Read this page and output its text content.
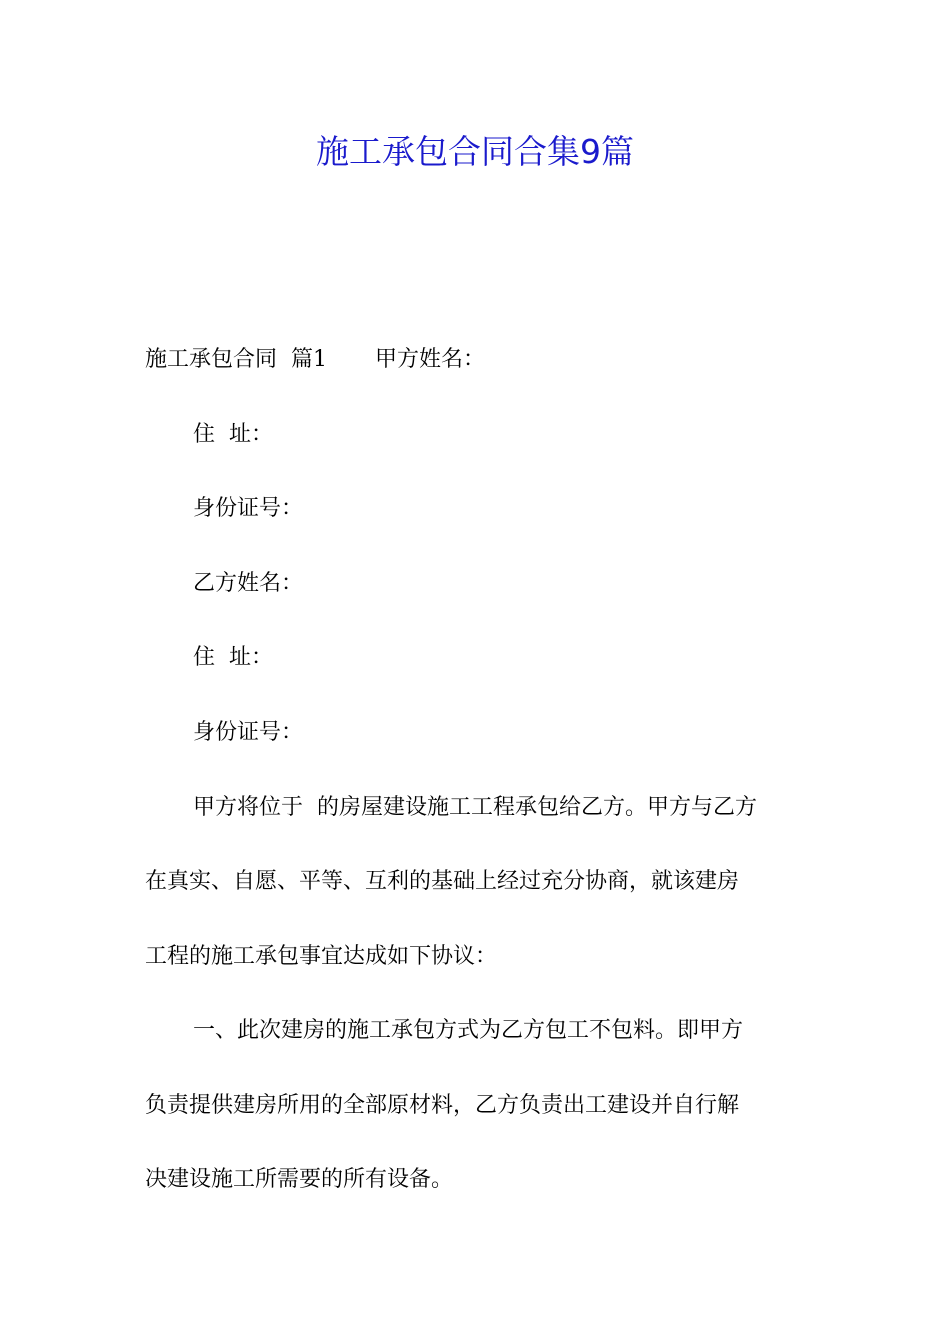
施工承包合同合集9篇

施工承包合同  篇1 甲方姓名：

住  址：

身份证号：

乙方姓名：

住  址：

身份证号：

甲方将位于  的房屋建设施工工程承包给乙方。甲方与乙方

在真实、自愿、平等、互利的基础上经过充分协商，就该建房

工程的施工承包事宜达成如下协议：

一、此次建房的施工承包方式为乙方包工不包料。即甲方

负责提供建房所用的全部原材料，乙方负责出工建设并自行解

决建设施工所需要的所有设备。
